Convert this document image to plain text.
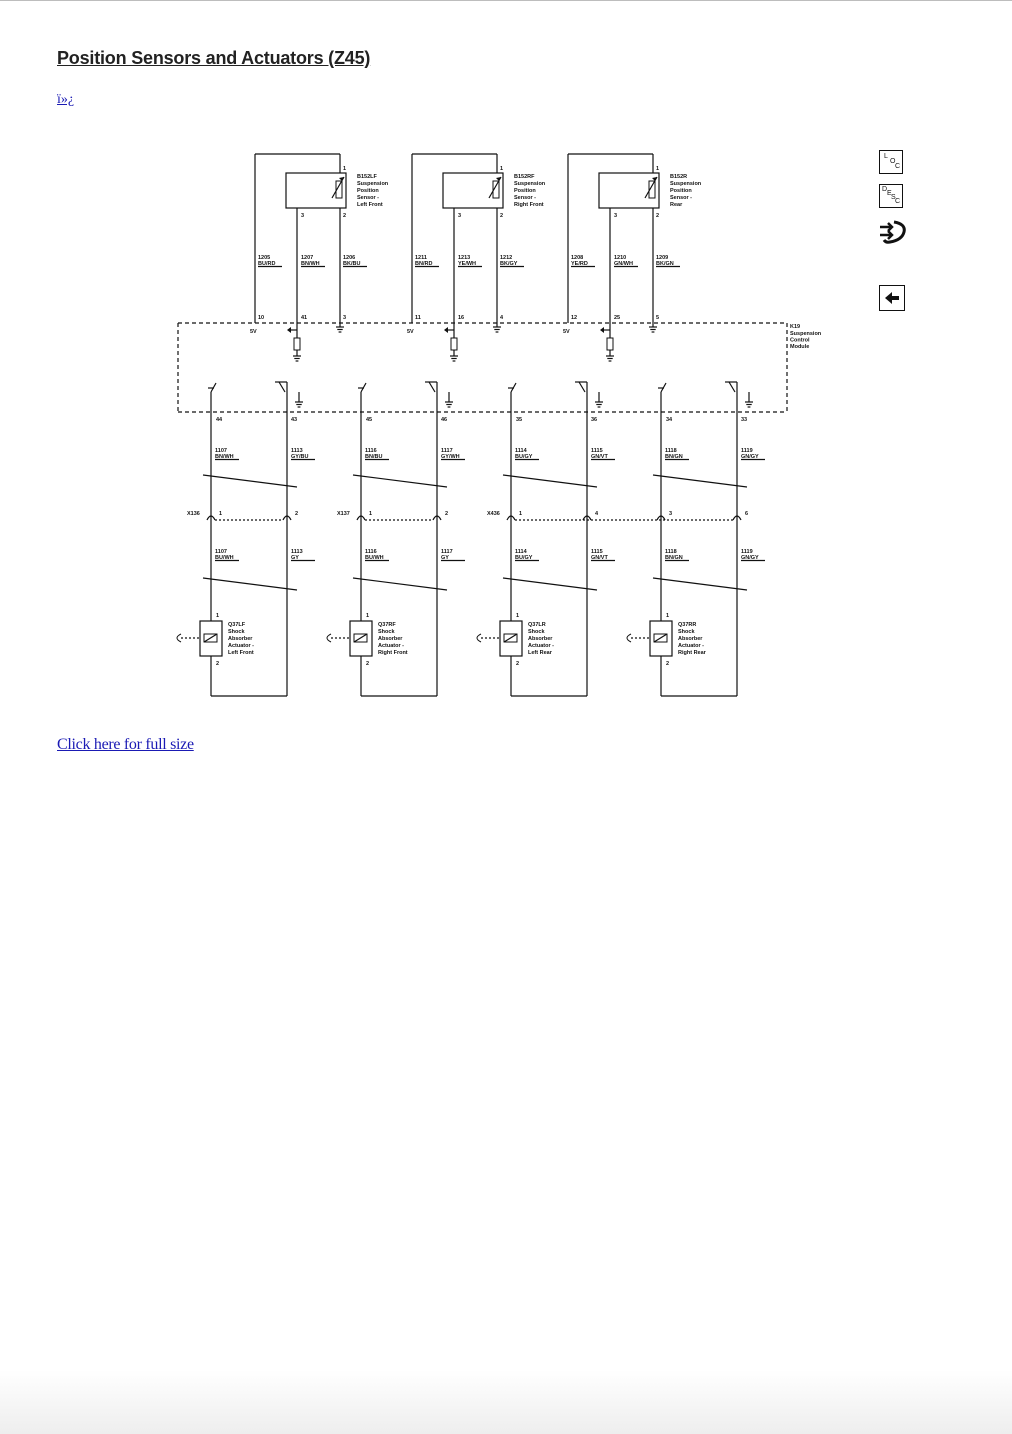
Position Sensors and Actuators (Z45)
ï»¿
K19
Suspension
Control
Module
1
2
3
B152LF
Suspension
Position
Sensor -
Left Front
1205
BU/RD
1207
BN/WH
1206
BK/BU
10	41	3
5V
1
2
3
B152RF
Suspension
Position
Sensor -
Right Front
1211
BN/RD
1213
YE/WH
1212
BK/GY
11	16	4
5V
1
2
3
B152R
Suspension
Position
Sensor -
Rear
1208
YE/RD
1210
GN/WH
1209
BK/GN
12	25	5
5V
44	43
1107
BN/WH
1113
GY/BU
X136	1	2
1107
BU/WH
1113
GY
1
2
Q37LF
Shock
Absorber
Actuator -
Left Front
45	46
1116
BN/BU
1117
GY/WH
X137	1	2
1116
BU/WH
1117
GY
1
2
Q37RF
Shock
Absorber
Actuator -
Right Front
35	36
1114
BU/GY
1115
GN/VT
X436	1	4
1114
BU/GY
1115
GN/VT
1
2
Q37LR
Shock
Absorber
Actuator -
Left Rear
34	33
1118
BN/GN
1119
GN/GY
3	6
1118
BN/GN
1119
GN/GY
1
2
Q37RR
Shock
Absorber
Actuator -
Right Rear
Click here for full size
L
O
C
D
E
S
C
